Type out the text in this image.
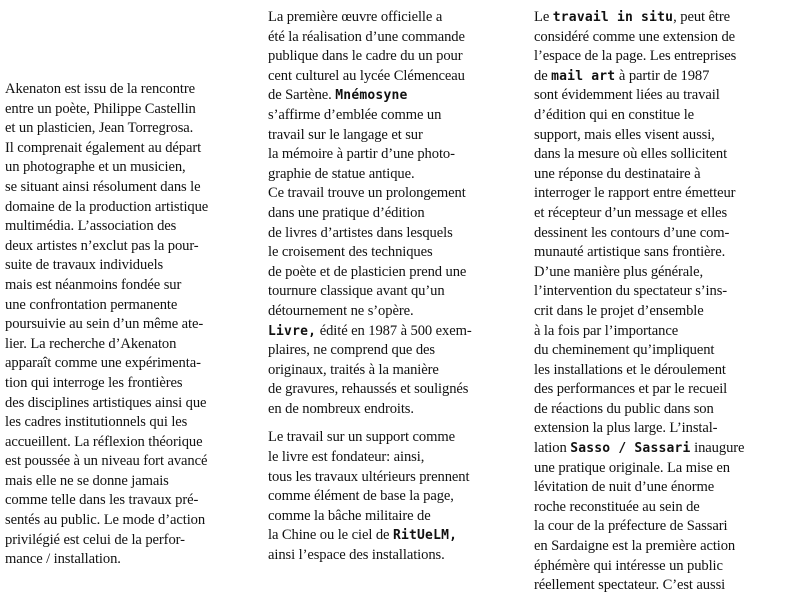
Akenaton est issu de la rencontre
entre un poète, Philippe Castellin
et un plasticien, Jean Torregrosa.
Il comprenait également au départ
un photographe et un musicien,
se situant ainsi résolument dans le
domaine de la production artistique
multimédia. L’association des
deux artistes n’exclut pas la pour-
suite de travaux individuels
mais est néanmoins fondée sur
une confrontation permanente
poursuivie au sein d’un même ate-
lier. La recherche d’Akenaton
apparaît comme une expérimenta-
tion qui interroge les frontières
des disciplines artistiques ainsi que
les cadres institutionnels qui les
accueillent. La réflexion théorique
est poussée à un niveau fort avancé
mais elle ne se donne jamais
comme telle dans les travaux pré-
sentés au public. Le mode d’action
privilégié est celui de la perfor-
mance / installation.
La première œuvre officielle a
été la réalisation d’une commande
publique dans le cadre du un pour
cent culturel au lycée Clémenceau
de Sartène. Mnémosyne
s’affirme d’emblée comme un
travail sur le langage et sur
la mémoire à partir d’une photo-
graphie de statue antique.
Ce travail trouve un prolongement
dans une pratique d’édition
de livres d’artistes dans lesquels
le croisement des techniques
de poète et de plasticien prend une
tournure classique avant qu’un
détournement ne s’opère.
Livre, édité en 1987 à 500 exem-
plaires, ne comprend que des
originaux, traités à la manière
de gravures, rehaussés et soulignés
en de nombreux endroits.
Le travail sur un support comme
le livre est fondateur: ainsi,
tous les travaux ultérieurs prennent
comme élément de base la page,
comme la bâche militaire de
la Chine ou le ciel de RitUeLM,
ainsi l’espace des installations.
Le travail in situ, peut être
considéré comme une extension de
l’espace de la page. Les entreprises
de mail art à partir de 1987
sont évidemment liées au travail
d’édition qui en constitue le
support, mais elles visent aussi,
dans la mesure où elles sollicitent
une réponse du destinataire à
interroger le rapport entre émetteur
et récepteur d’un message et elles
dessinent les contours d’une com-
munauté artistique sans frontière.
D’une manière plus générale,
l’intervention du spectateur s’ins-
crit dans le projet d’ensemble
à la fois par l’importance
du cheminement qu’impliquent
les installations et le déroulement
des performances et par le recueil
de réactions du public dans son
extension la plus large. L’instal-
lation Sasso / Sassari inaugure
une pratique originale. La mise en
lévitation de nuit d’une énorme
roche reconstituée au sein de
la cour de la préfecture de Sassari
en Sardaigne est la première action
éphémère qui intéresse un public
réellement spectateur. C’est aussi
